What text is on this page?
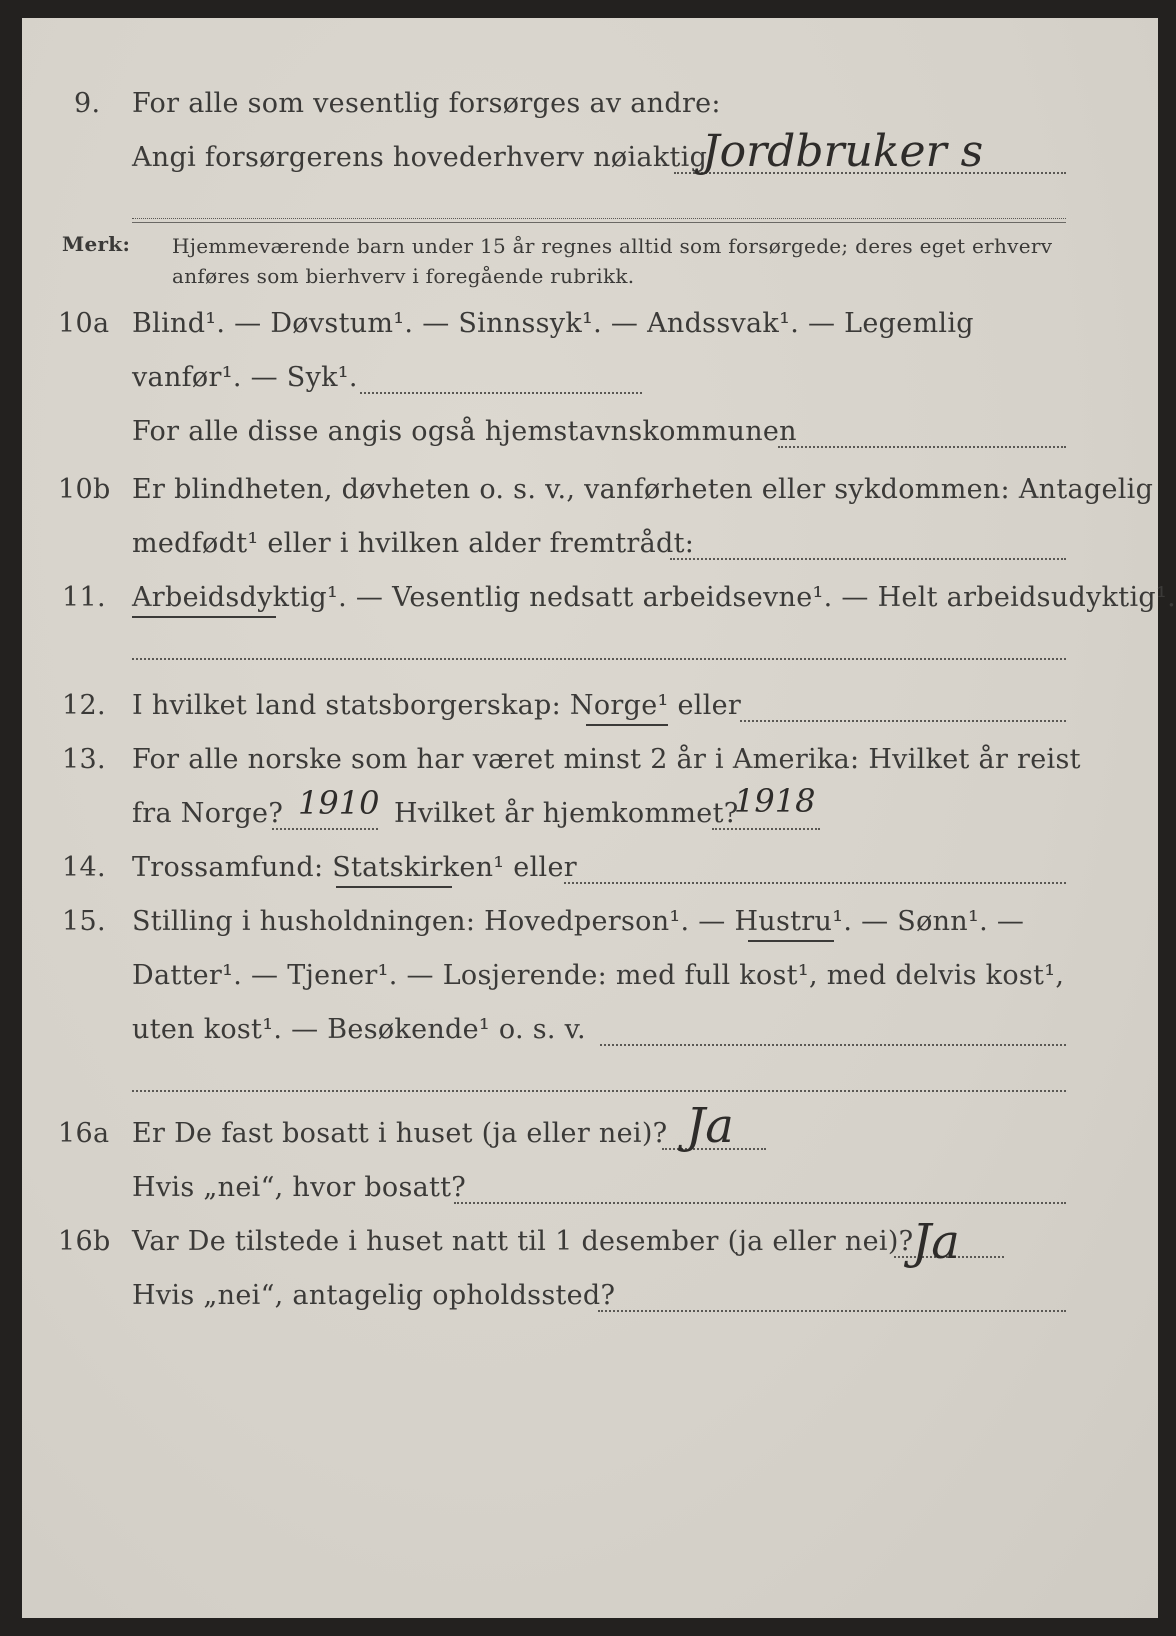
9. For alle som vesentlig forsørges av andre:
Angi forsørgerens hovederhverv nøiaktig
Jordbruker s
Merk: Hjemmeværende barn under 15 år regnes alltid som forsørgede; deres eget erhverv
anføres som bierhverv i foregående rubrikk.
10a Blind¹. — Døvstum¹. — Sinnssyk¹. — Andssvak¹. — Legemlig
vanfør¹. — Syk¹.
For alle disse angis også hjemstavnskommunen
10b Er blindheten, døvheten o. s. v., vanførheten eller sykdommen: Antagelig
medfødt¹ eller i hvilken alder fremtrådt:
11. Arbeidsdyktig¹. — Vesentlig nedsatt arbeidsevne¹. — Helt arbeidsudyktig¹.
12. I hvilket land statsborgerskap: Norge¹ eller
13. For alle norske som har været minst 2 år i Amerika: Hvilket år reist
fra Norge? 1910 Hvilket år hjemkommet?
1918
14. Trossamfund: Statskirken¹ eller
15. Stilling i husholdningen: Hovedperson¹. — Hustru¹. — Sønn¹. —
Datter¹. — Tjener¹. — Losjerende: med full kost¹, med delvis kost¹,
uten kost¹. — Besøkende¹ o. s. v.
16a Er De fast bosatt i huset (ja eller nei)? Ja
Hvis „nei“, hvor bosatt?
16b Var De tilstede i huset natt til 1 desember (ja eller nei)?
Ja
Hvis „nei“, antagelig opholdssted?
